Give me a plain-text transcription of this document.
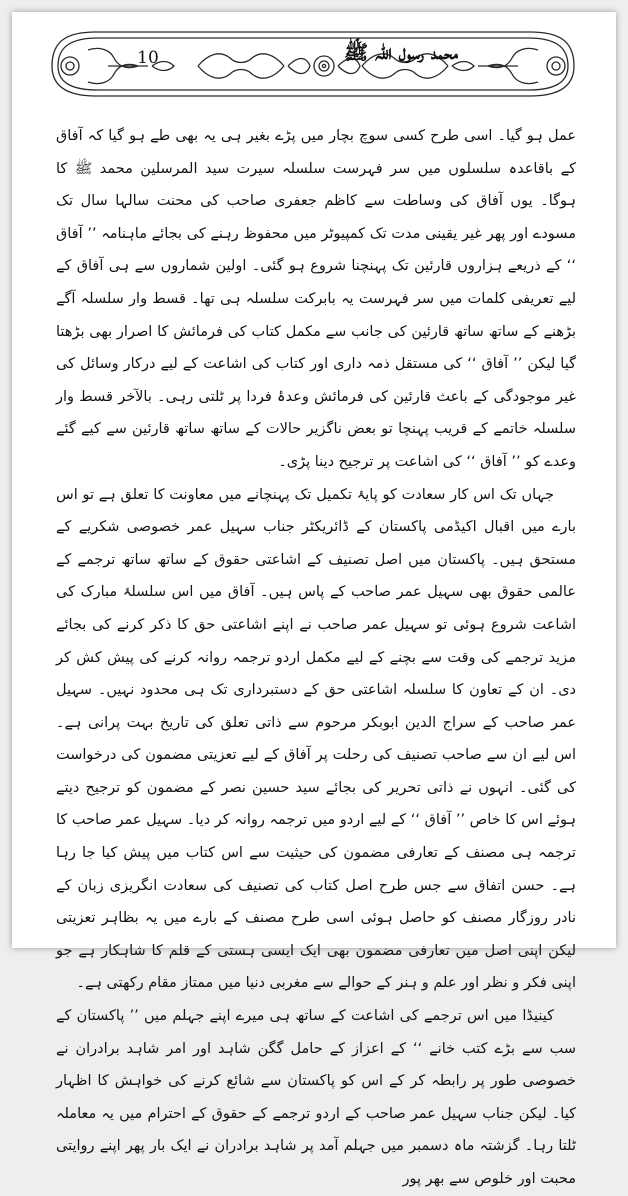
10	محمد رسول اللہ ﷺ

عمل ہو گیا۔ اسی طرح کسی سوچ بچار میں پڑے بغیر ہی یہ بھی طے ہو گیا کہ آفاق کے باقاعدہ سلسلوں میں سر فہرست سلسلہ سیرت سید المرسلین محمد ﷺ کا ہوگا۔ یوں آفاق کی وساطت سے کاظم جعفری صاحب کی محنت سالہا سال تک مسودے اور پھر غیر یقینی مدت تک کمپیوٹر میں محفوظ رہنے کی بجائے ماہنامہ ’’ آفاق ‘‘ کے ذریعے ہزاروں قارئین تک پہنچنا شروع ہو گئی۔ اولین شماروں سے ہی آفاق کے لیے تعریفی کلمات میں سر فہرست یہ بابرکت سلسلہ ہی تھا۔ قسط وار سلسلہ آگے بڑھنے کے ساتھ ساتھ قارئین کی جانب سے مکمل کتاب کی فرمائش کا اصرار بھی بڑھتا گیا لیکن ’’ آفاق ‘‘ کی مستقل ذمہ داری اور کتاب کی اشاعت کے لیے درکار وسائل کی غیر موجودگی کے باعث قارئین کی فرمائش وعدۂ فردا پر ٹلتی رہی۔ بالآخر قسط وار سلسلہ خاتمے کے قریب پہنچا تو بعض ناگزیر حالات کے ساتھ ساتھ قارئین سے کیے گئے وعدے کو ’’ آفاق ‘‘ کی اشاعت پر ترجیح دینا پڑی۔

جہاں تک اس کار سعادت کو پایۂ تکمیل تک پہنچانے میں معاونت کا تعلق ہے تو اس بارے میں اقبال اکیڈمی پاکستان کے ڈائریکٹر جناب سہیل عمر خصوصی شکریے کے مستحق ہیں۔ پاکستان میں اصل تصنیف کے اشاعتی حقوق کے ساتھ ساتھ ترجمے کے عالمی حقوق بھی سہیل عمر صاحب کے پاس ہیں۔ آفاق میں اس سلسلۂ مبارک کی اشاعت شروع ہوئی تو سہیل عمر صاحب نے اپنے اشاعتی حق کا ذکر کرنے کی بجائے مزید ترجمے کی وقت سے بچنے کے لیے مکمل اردو ترجمہ روانہ کرنے کی پیش کش کر دی۔ ان کے تعاون کا سلسلہ اشاعتی حق کے دستبرداری تک ہی محدود نہیں۔ سہیل عمر صاحب کے سراج الدین ابوبکر مرحوم سے ذاتی تعلق کی تاریخ بہت پرانی ہے۔ اس لیے ان سے صاحب تصنیف کی رحلت پر آفاق کے لیے تعزیتی مضمون کی درخواست کی گئی۔ انہوں نے ذاتی تحریر کی بجائے سید حسین نصر کے مضمون کو ترجیح دیتے ہوئے اس کا خاص ’’ آفاق ‘‘ کے لیے اردو میں ترجمہ روانہ کر دیا۔ سہیل عمر صاحب کا ترجمہ ہی مصنف کے تعارفی مضمون کی حیثیت سے اس کتاب میں پیش کیا جا رہا ہے۔ حسن اتفاق سے جس طرح اصل کتاب کی تصنیف کی سعادت انگریزی زبان کے نادر روزگار مصنف کو حاصل ہوئی اسی طرح مصنف کے بارے میں یہ بظاہر تعزیتی لیکن اپنی اصل میں تعارفی مضمون بھی ایک ایسی ہستی کے قلم کا شاہکار ہے جو اپنی فکر و نظر اور علم و ہنر کے حوالے سے مغربی دنیا میں ممتاز مقام رکھتی ہے۔

کینیڈا میں اس ترجمے کی اشاعت کے ساتھ ہی میرے اپنے جہلم میں ’’ پاکستان کے سب سے بڑے کتب خانے ‘‘ کے اعزاز کے حامل گگن شاہد اور امر شاہد برادران نے خصوصی طور پر رابطہ کر کے اس کو پاکستان سے شائع کرنے کی خواہش کا اظہار کیا۔ لیکن جناب سہیل عمر صاحب کے اردو ترجمے کے حقوق کے احترام میں یہ معاملہ ٹلتا رہا۔ گزشتہ ماہ دسمبر میں جہلم آمد پر شاہد برادران نے ایک بار پھر اپنے روایتی محبت اور خلوص سے بھر پور
